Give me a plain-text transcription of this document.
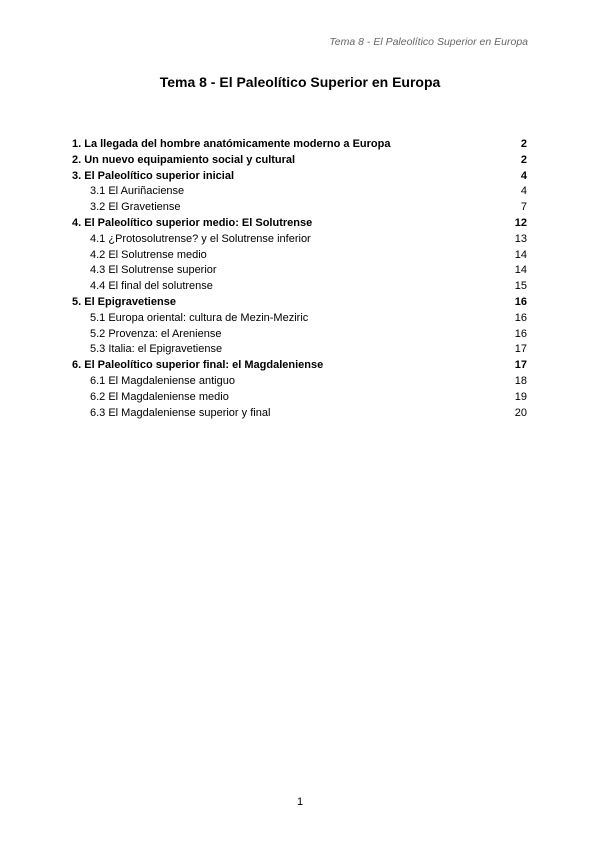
Tema 8 - El Paleolítico Superior en Europa
Tema 8 - El Paleolítico Superior en Europa
1. La llegada del hombre anatómicamente moderno a Europa	2
2. Un nuevo equipamiento social y cultural	2
3. El Paleolítico superior inicial	4
3.1 El Auriñaciense	4
3.2 El Gravetiense	7
4. El Paleolítico superior medio: El Solutrense	12
4.1 ¿Protosolutrense? y el Solutrense inferior	13
4.2 El Solutrense medio	14
4.3 El Solutrense superior	14
4.4 El final del solutrense	15
5. El Epigravetiense	16
5.1 Europa oriental: cultura de Mezin-Meziric	16
5.2 Provenza: el Areniense	16
5.3 Italia: el Epigravetiense	17
6. El Paleolítico superior final: el Magdaleniense	17
6.1 El Magdaleniense antiguo	18
6.2 El Magdaleniense medio	19
6.3 El Magdaleniense superior y final	20
1
